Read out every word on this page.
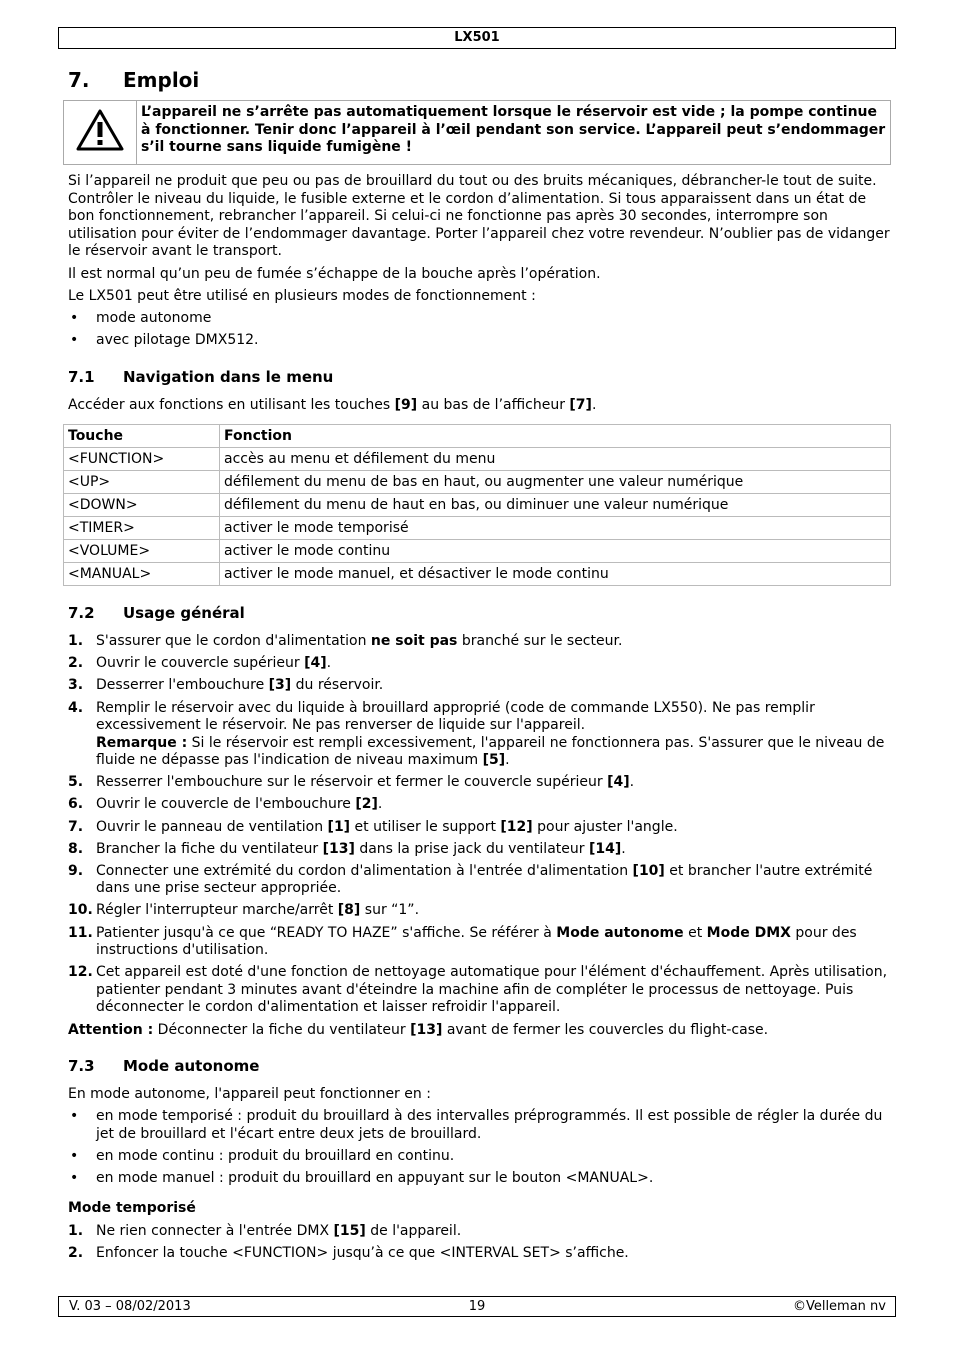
LX501
7.	Emploi
L’appareil ne s’arrête pas automatiquement lorsque le réservoir est vide ; la pompe continue à fonctionner. Tenir donc l’appareil à l’œil pendant son service. L’appareil peut s’endommager s’il tourne sans liquide fumigène !

Si l’appareil ne produit que peu ou pas de brouillard du tout ou des bruits mécaniques, débrancher-le tout de suite. Contrôler le niveau du liquide, le fusible externe et le cordon d’alimentation. Si tous apparaissent dans un état de bon fonctionnement, rebrancher l’appareil. Si celui-ci ne fonctionne pas après 30 secondes, interrompre son utilisation pour éviter de l’endommager davantage. Porter l’appareil chez votre revendeur. N’oublier pas de vidanger le réservoir avant le transport.

Il est normal qu’un peu de fumée s’échappe de la bouche après l’opération.

Le LX501 peut être utilisé en plusieurs modes de fonctionnement :

•	mode autonome
•	avec pilotage DMX512.
7.1	Navigation dans le menu

Accéder aux fonctions en utilisant les touches [9] au bas de l’afficheur [7].

Touche	Fonction
<FUNCTION>	accès au menu et défilement du menu
<UP>	défilement du menu de bas en haut, ou augmenter une valeur numérique
<DOWN>	défilement du menu de haut en bas, ou diminuer une valeur numérique
<TIMER>	activer le mode temporisé
<VOLUME>	activer le mode continu
<MANUAL>	activer le mode manuel, et désactiver le mode continu
7.2	Usage général
1. S'assurer que le cordon d'alimentation ne soit pas branché sur le secteur.
2. Ouvrir le couvercle supérieur [4].
3. Desserrer l'embouchure [3] du réservoir.
4. Remplir le réservoir avec du liquide à brouillard approprié (code de commande LX550). Ne pas remplir excessivement le réservoir. Ne pas renverser de liquide sur l'appareil.
Remarque : Si le réservoir est rempli excessivement, l'appareil ne fonctionnera pas. S'assurer que le niveau de fluide ne dépasse pas l'indication de niveau maximum [5].
5. Resserrer l'embouchure sur le réservoir et fermer le couvercle supérieur [4].
6. Ouvrir le couvercle de l'embouchure [2].
7. Ouvrir le panneau de ventilation [1] et utiliser le support [12] pour ajuster l'angle.
8. Brancher la fiche du ventilateur [13] dans la prise jack du ventilateur [14].
9. Connecter une extrémité du cordon d'alimentation à l'entrée d'alimentation [10] et brancher l'autre extrémité dans une prise secteur appropriée.
10. Régler l'interrupteur marche/arrêt [8] sur “1”.
11. Patienter jusqu'à ce que “READY TO HAZE” s'affiche. Se référer à Mode autonome et Mode DMX pour des instructions d'utilisation.
12. Cet appareil est doté d'une fonction de nettoyage automatique pour l'élément d'échauffement. Après utilisation, patienter pendant 3 minutes avant d'éteindre la machine afin de compléter le processus de nettoyage. Puis déconnecter le cordon d'alimentation et laisser refroidir l'appareil.

Attention : Déconnecter la fiche du ventilateur [13] avant de fermer les couvercles du flight-case.

7.3	Mode autonome

En mode autonome, l'appareil peut fonctionner en :

•	en mode temporisé : produit du brouillard à des intervalles préprogrammés. Il est possible de régler la durée du jet de brouillard et l'écart entre deux jets de brouillard.
•	en mode continu : produit du brouillard en continu.
•	en mode manuel : produit du brouillard en appuyant sur le bouton <MANUAL>.
Mode temporisé
1. Ne rien connecter à l'entrée DMX [15] de l'appareil.
2. Enfoncer la touche <FUNCTION> jusqu’à ce que <INTERVAL SET> s’affiche.
19
V. 03 – 08/02/2013	©Velleman nv
